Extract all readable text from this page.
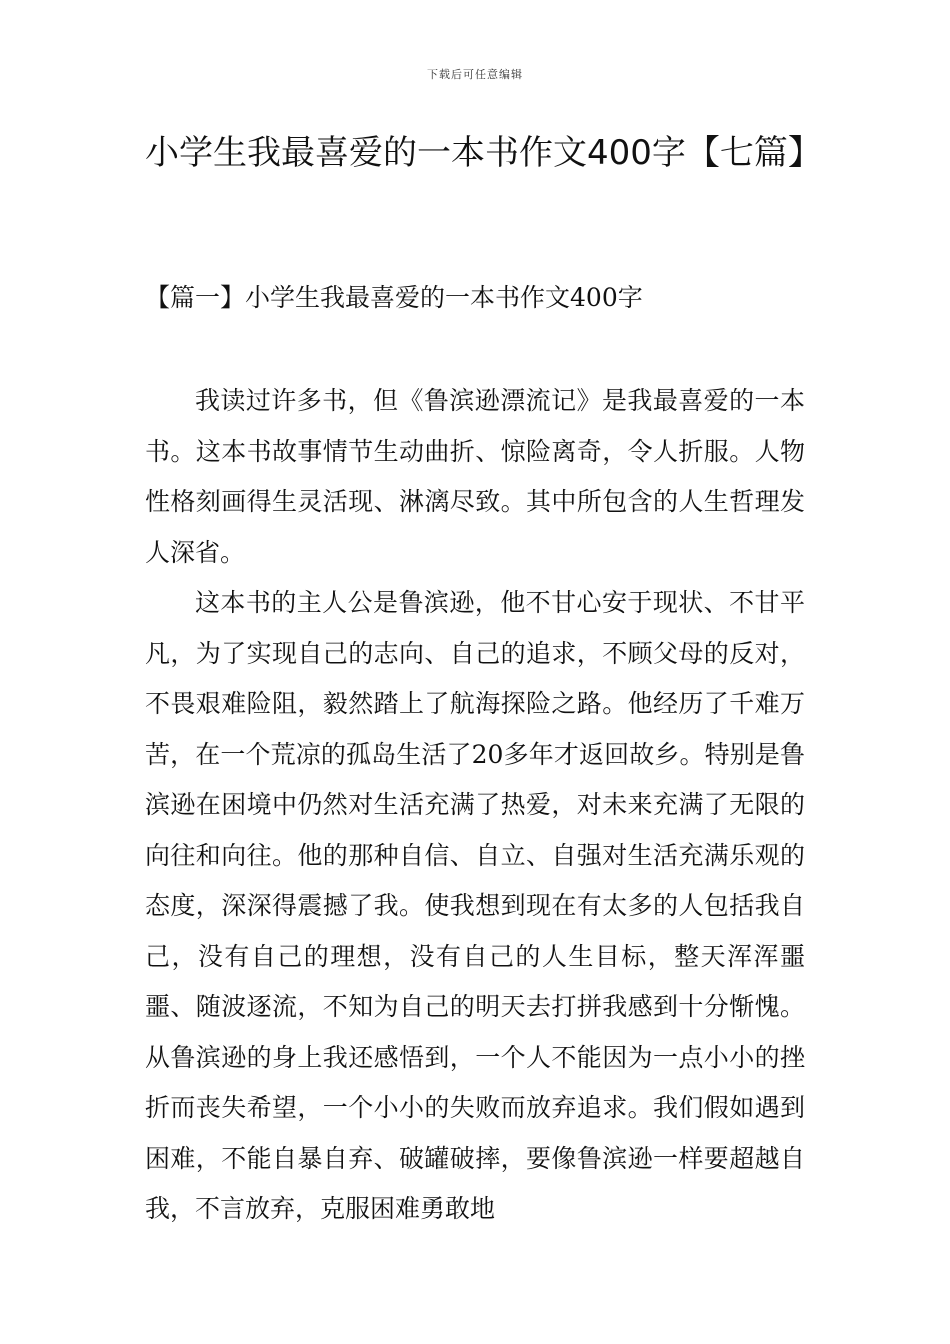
下载后可任意编辑
小学生我最喜爱的一本书作文400字【七篇】
【篇一】小学生我最喜爱的一本书作文400字

我读过许多书，但《鲁滨逊漂流记》是我最喜爱的一本书。这本书故事情节生动曲折、惊险离奇，令人折服。人物性格刻画得生灵活现、淋漓尽致。其中所包含的人生哲理发人深省。

这本书的主人公是鲁滨逊，他不甘心安于现状、不甘平凡，为了实现自己的志向、自己的追求，不顾父母的反对，不畏艰难险阻，毅然踏上了航海探险之路。他经历了千难万苦，在一个荒凉的孤岛生活了20多年才返回故乡。特别是鲁滨逊在困境中仍然对生活充满了热爱，对未来充满了无限的向往和向往。他的那种自信、自立、自强对生活充满乐观的态度，深深得震撼了我。使我想到现在有太多的人包括我自己，没有自己的理想，没有自己的人生目标，整天浑浑噩噩、随波逐流，不知为自己的明天去打拼我感到十分惭愧。从鲁滨逊的身上我还感悟到，一个人不能因为一点小小的挫折而丧失希望，一个小小的失败而放弃追求。我们假如遇到困难，不能自暴自弃、破罐破摔，要像鲁滨逊一样要超越自我，不言放弃，克服困难勇敢地
